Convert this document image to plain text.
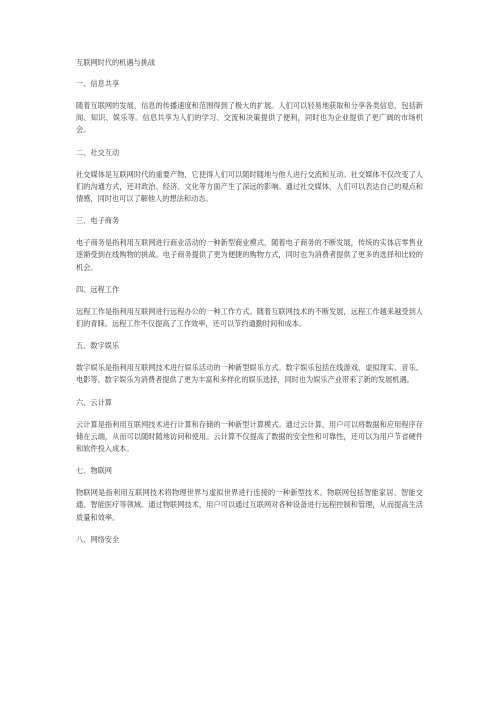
互联网时代的机遇与挑战
一、信息共享
随着互联网的发展，信息的传播速度和范围得到了极大的扩展。人们可以轻易地获取和分享各类信息，包括新闻、知识、娱乐等。信息共享为人们的学习、交流和决策提供了便利，同时也为企业提供了更广阔的市场机会。
二、社交互动
社交媒体是互联网时代的重要产物，它使得人们可以随时随地与他人进行交流和互动。社交媒体不仅改变了人们的沟通方式，还对政治、经济、文化等方面产生了深远的影响。通过社交媒体，人们可以表达自己的观点和情感，同时也可以了解他人的想法和动态。
三、电子商务
电子商务是指利用互联网进行商业活动的一种新型商业模式，随着电子商务的不断发展，传统的实体店零售业逐渐受到在线购物的挑战。电子商务提供了更为便捷的购物方式，同时也为消费者提供了更多的选择和比较的机会。
四、远程工作
远程工作是指利用互联网进行远程办公的一种工作方式。随着互联网技术的不断发展，远程工作越来越受到人们的青睐。远程工作不仅提高了工作效率，还可以节约通勤时间和成本。
五、数字娱乐
数字娱乐是指利用互联网技术进行娱乐活动的一种新型娱乐方式。数字娱乐包括在线游戏、虚拟现实、音乐、电影等。数字娱乐为消费者提供了更为丰富和多样化的娱乐选择，同时也为娱乐产业带来了新的发展机遇。
六、云计算
云计算是指利用互联网技术进行计算和存储的一种新型计算模式。通过云计算，用户可以将数据和应用程序存储在云端，从而可以随时随地访问和使用。云计算不仅提高了数据的安全性和可靠性，还可以为用户节省硬件和软件投入成本。
七、物联网
物联网是指利用互联网技术将物理世界与虚拟世界进行连接的一种新型技术。物联网包括智能家居、智能交通、智能医疗等领域。通过物联网技术，用户可以通过互联网对各种设备进行远程控制和管理，从而提高生活质量和效率。
八、网络安全
